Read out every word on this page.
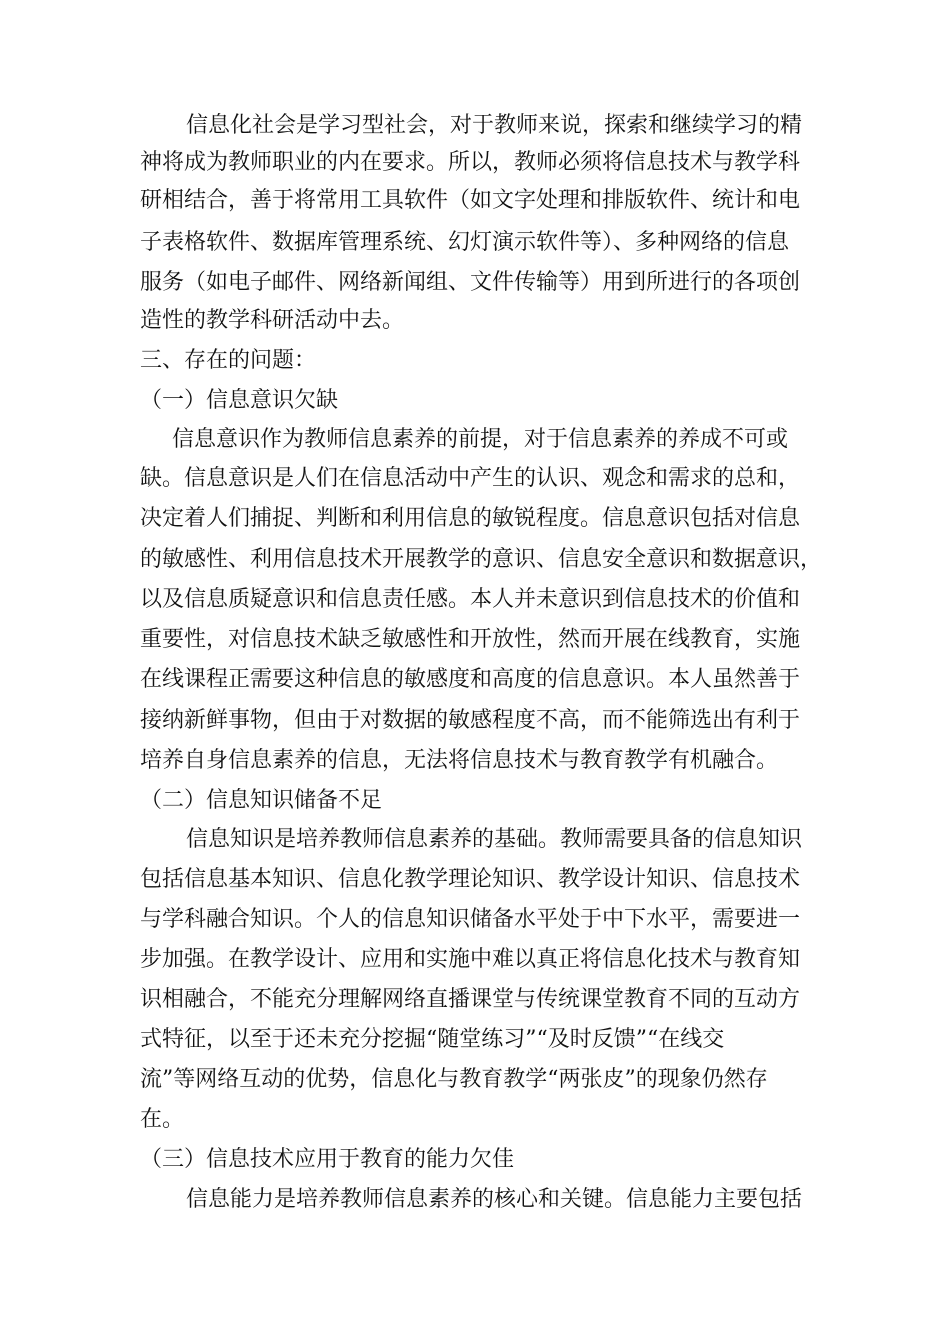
信息化社会是学习型社会，对于教师来说，探索和继续学习的精

神将成为教师职业的内在要求。所以，教师必须将信息技术与教学科

研相结合，善于将常用工具软件（如文字处理和排版软件、统计和电

子表格软件、数据库管理系统、幻灯演示软件等）、多种网络的信息

服务（如电子邮件、网络新闻组、文件传输等）用到所进行的各项创

造性的教学科研活动中去。

三、存在的问题：

（一）信息意识欠缺

信息意识作为教师信息素养的前提，对于信息素养的养成不可或

缺。信息意识是人们在信息活动中产生的认识、观念和需求的总和，

决定着人们捕捉、判断和利用信息的敏锐程度。信息意识包括对信息

的敏感性、利用信息技术开展教学的意识、信息安全意识和数据意识，

以及信息质疑意识和信息责任感。本人并未意识到信息技术的价值和

重要性，对信息技术缺乏敏感性和开放性，然而开展在线教育，实施

在线课程正需要这种信息的敏感度和高度的信息意识。本人虽然善于

接纳新鲜事物，但由于对数据的敏感程度不高，而不能筛选出有利于

培养自身信息素养的信息，无法将信息技术与教育教学有机融合。

（二）信息知识储备不足

信息知识是培养教师信息素养的基础。教师需要具备的信息知识

包括信息基本知识、信息化教学理论知识、教学设计知识、信息技术

与学科融合知识。个人的信息知识储备水平处于中下水平，需要进一

步加强。在教学设计、应用和实施中难以真正将信息化技术与教育知

识相融合，不能充分理解网络直播课堂与传统课堂教育不同的互动方

式特征，以至于还未充分挖掘“随堂练习”“及时反馈”“在线交

流”等网络互动的优势，信息化与教育教学“两张皮”的现象仍然存

在。

（三）信息技术应用于教育的能力欠佳

信息能力是培养教师信息素养的核心和关键。信息能力主要包括
